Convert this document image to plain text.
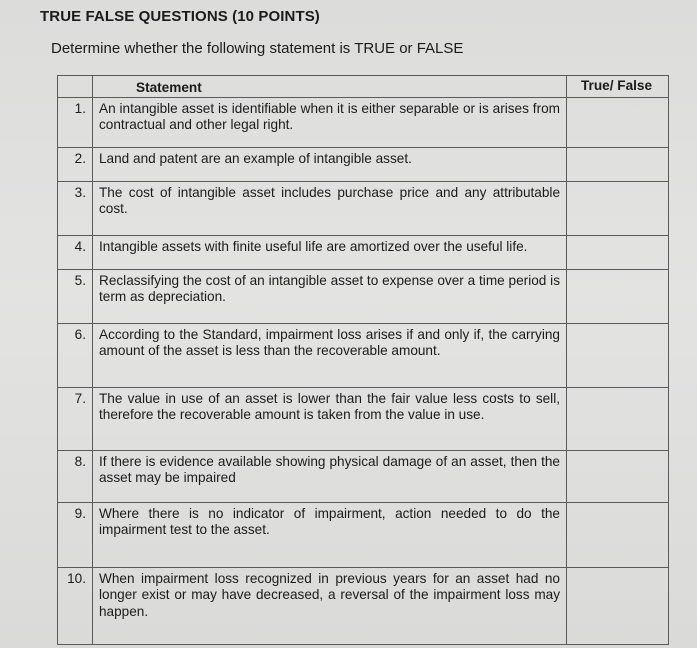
TRUE FALSE QUESTIONS (10 POINTS)
Determine whether the following statement is TRUE or FALSE

	Statement	True/ False

1.	An intangible asset is identifiable when it is either separable or is arises from contractual and other legal right.	
2.	Land and patent are an example of intangible asset.	
3.	The cost of intangible asset includes purchase price and any attributable cost.	
4.	Intangible assets with finite useful life are amortized over the useful life.	
5.	Reclassifying the cost of an intangible asset to expense over a time period is term as depreciation.	
6.	According to the Standard, impairment loss arises if and only if, the carrying amount of the asset is less than the recoverable amount.	
7.	The value in use of an asset is lower than the fair value less costs to sell, therefore the recoverable amount is taken from the value in use.	
8.	If there is evidence available showing physical damage of an asset, then the asset may be impaired	
9.	Where there is no indicator of impairment, action needed to do the impairment test to the asset.	
10.	When impairment loss recognized in previous years for an asset had no longer exist or may have decreased, a reversal of the impairment loss may happen.	
